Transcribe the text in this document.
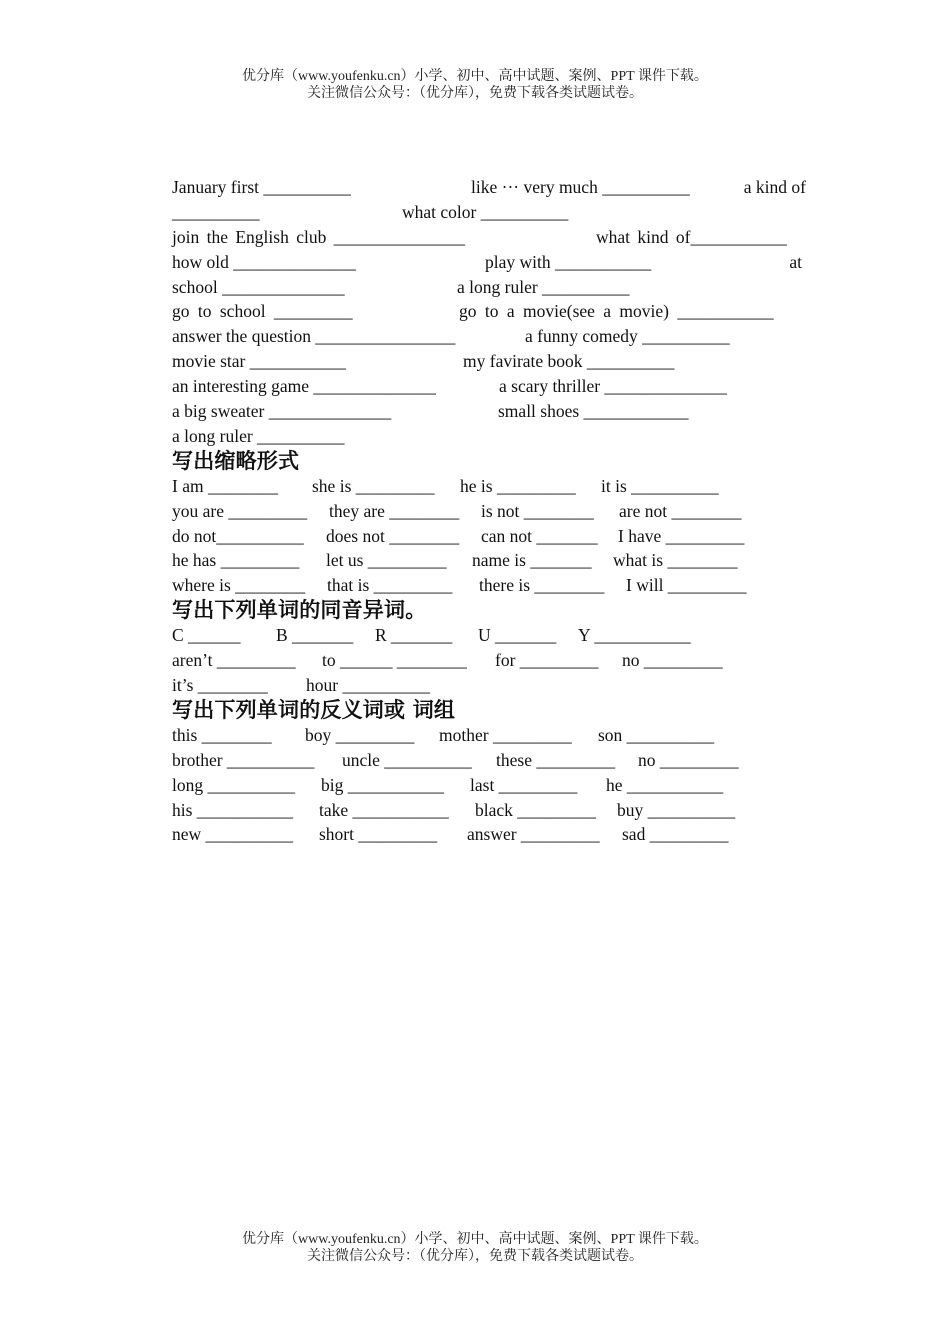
优分库（www.youfenku.cn）小学、初中、高中试题、案例、PPT 课件下载。
关注微信公众号：（优分库），免费下载各类试题试卷。
January first __________	like ··· very much __________	a kind of
__________	what color __________
join the English club _______________	what kind of___________
how old ______________	play with ___________	at
school ______________	a long ruler __________
go to school _________	go to a movie(see a movie) ___________
answer the question ________________	a funny comedy __________
movie star ___________	my favirate book __________
an interesting game ______________	a scary thriller ______________
a big sweater ______________	small shoes ____________
a long ruler __________
写出缩略形式
I am ________ she is _________ he is _________ it is __________
you are _________ they are ________ is not ________ are not ________
do not__________ does not ________ can not _______ I have _________
he has _________ let us _________ name is _______ what is ________
where is ________ that is _________ there is ________ I will _________
写出下列单词的同音异词。
C ______ B _______ R _______ U _______ Y ___________
aren’t _________ to ______ ________ for _________ no _________
it’s ________ hour __________
写出下列单词的反义词或 词组
this ________ boy _________ mother _________ son __________
brother __________ uncle __________ these _________ no _________
long __________ big ___________ last _________ he ___________
his ___________ take ___________ black _________ buy __________
new __________ short _________ answer _________ sad _________
优分库（www.youfenku.cn）小学、初中、高中试题、案例、PPT 课件下载。
关注微信公众号：（优分库），免费下载各类试题试卷。
